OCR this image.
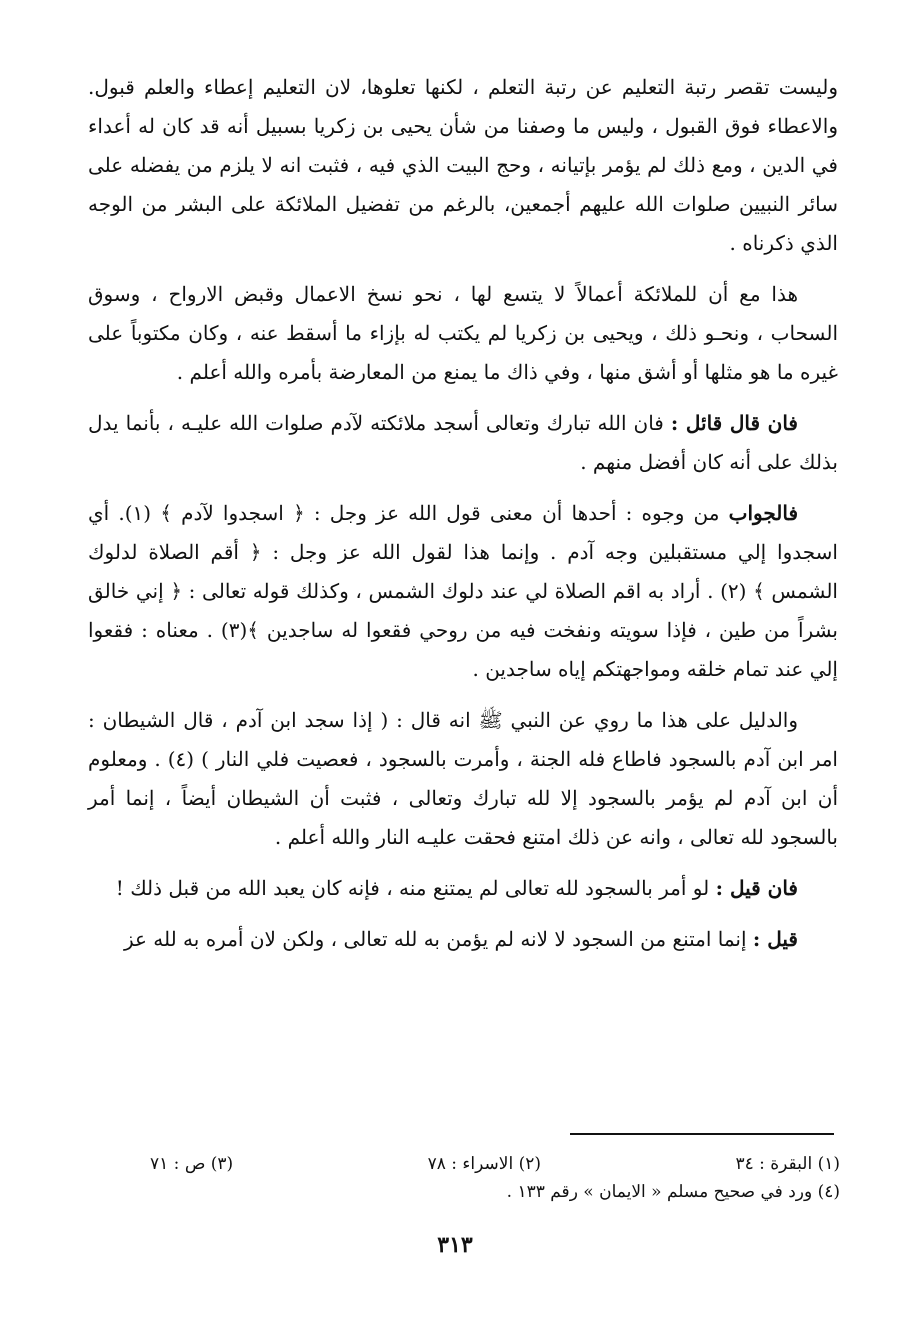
وليست تقصر رتبة التعليم عن رتبة التعلم ، لكنها تعلوها، لان التعليم إعطاء والعلم قبول. والاعطاء فوق القبول ، وليس ما وصفنا من شأن يحيى بن زكريا بسبيل أنه قد كان له أعداء في الدين ، ومع ذلك لم يؤمر بإتيانه ، وحج البيت الذي فيه ، فثبت انه لا يلزم من يفضله على سائر النبيين صلوات الله عليهم أجمعين، بالرغم من تفضيل الملائكة على البشر من الوجه الذي ذكرناه .

هذا مع أن للملائكة أعمالاً لا يتسع لها ، نحو نسخ الاعمال وقبض الارواح ، وسوق السحاب ، ونحـو ذلك ، ويحيى بن زكريا لم يكتب له بإزاء ما أسقط عنه ، وكان مكتوباً على غيره ما هو مثلها أو أشق منها ، وفي ذاك ما يمنع من المعارضة بأمره والله أعلم .

فان قال قائل : فان الله تبارك وتعالى أسجد ملائكته لآدم صلوات الله عليـه ، بأنما يدل بذلك على أنه كان أفضل منهم .

فالجواب من وجوه : أحدها أن معنى قول الله عز وجل : ﴿ اسجدوا لآدم ﴾ (١). أي اسجدوا إلي مستقبلين وجه آدم . وإنما هذا لقول الله عز وجل : ﴿ أقم الصلاة لدلوك الشمس ﴾ (٢) . أراد به اقم الصلاة لي عند دلوك الشمس ، وكذلك قوله تعالى : ﴿ إني خالق بشراً من طين ، فإذا سويته ونفخت فيه من روحي فقعوا له ساجدين ﴾(٣) . معناه : فقعوا إلي عند تمام خلقه ومواجهتكم إياه ساجدين .

والدليل على هذا ما روي عن النبي ﷺ انه قال : ( إذا سجد ابن آدم ، قال الشيطان : امر ابن آدم بالسجود فاطاع فله الجنة ، وأمرت بالسجود ، فعصيت فلي النار ) (٤) . ومعلوم أن ابن آدم لم يؤمر بالسجود إلا لله تبارك وتعالى ، فثبت أن الشيطان أيضاً ، إنما أمر بالسجود لله تعالى ، وانه عن ذلك امتنع فحقت عليـه النار والله أعلم .

فان قيل : لو أمر بالسجود لله تعالى لم يمتنع منه ، فإنه كان يعبد الله من قبل ذلك !

قيل : إنما امتنع من السجود لا لانه لم يؤمن به لله تعالى ، ولكن لان أمره به لله عز

(١) البقرة : ٣٤
(٢) الاسراء : ٧٨
(٣) ص : ٧١
(٤) ورد في صحيح مسلم « الايمان » رقم ١٣٣ .
٣١٣
